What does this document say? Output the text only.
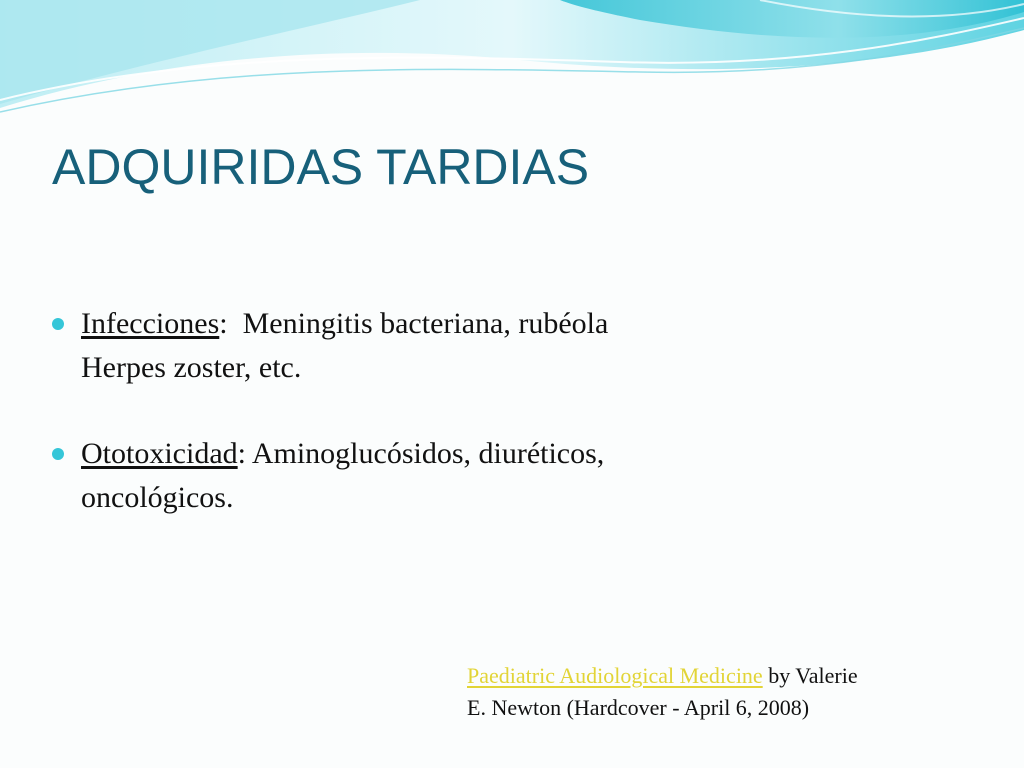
ADQUIRIDAS TARDIAS
Infecciones:  Meningitis bacteriana, rubéola
Herpes zoster, etc.
Ototoxicidad: Aminoglucósidos, diuréticos,
oncológicos.
Paediatric Audiological Medicine by Valerie
E. Newton (Hardcover - April 6, 2008)
